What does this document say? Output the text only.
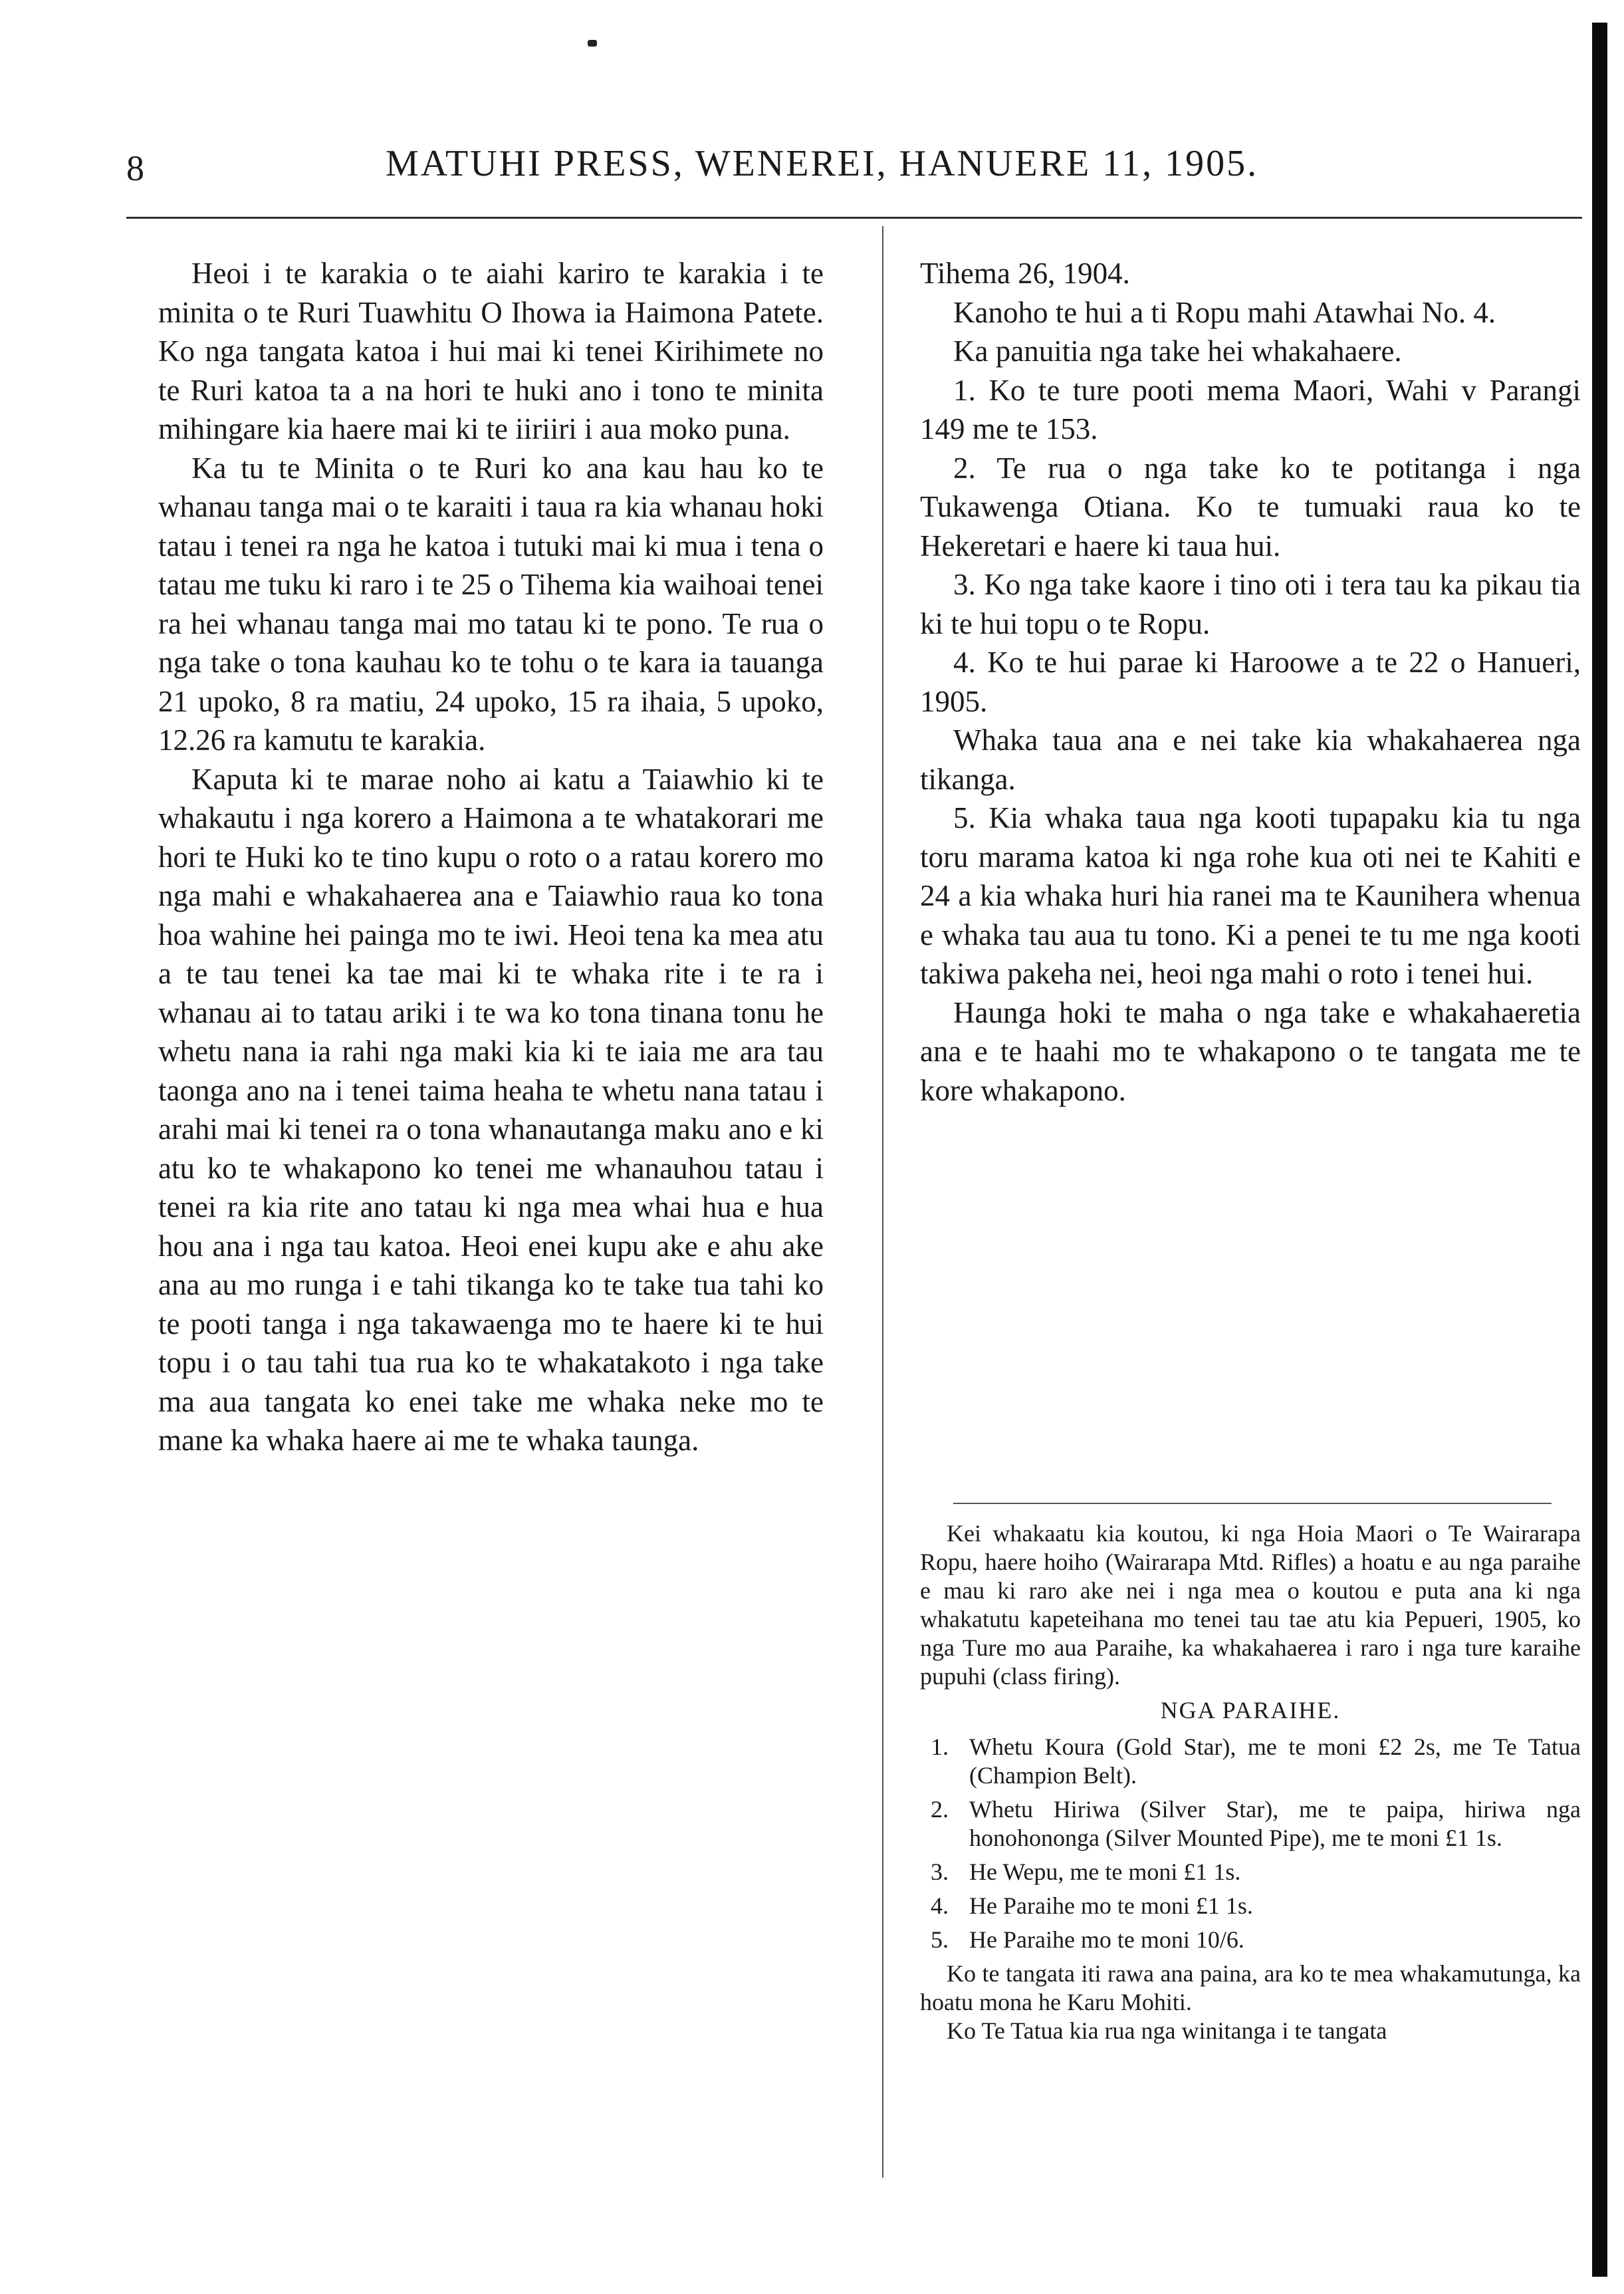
8	MATUHI PRESS, WENEREI, HANUERE 11, 1905.

Heoi i te karakia o te aiahi kariro te karakia i te minita o te Ruri Tuawhitu O Ihowa ia Haimona Patete. Ko nga tangata katoa i hui mai ki tenei Kirihimete no te Ruri katoa ta a na hori te huki ano i tono te minita mihingare kia haere mai ki te iiriiri i aua moko puna.

Ka tu te Minita o te Ruri ko ana kau hau ko te whanau tanga mai o te karaiti i taua ra kia whanau hoki tatau i tenei ra nga he katoa i tutuki mai ki mua i tena o tatau me tuku ki raro i te 25 o Tihema kia waihoai tenei ra hei whanau tanga mai mo tatau ki te pono. Te rua o nga take o tona kauhau ko te tohu o te kara ia tauanga 21 upoko, 8 ra matiu, 24 upoko, 15 ra ihaia, 5 upoko, 12.26 ra kamutu te karakia.

Kaputa ki te marae noho ai katu a Taiawhio ki te whakautu i nga korero a Haimona a te whatakorari me hori te Huki ko te tino kupu o roto o a ratau korero mo nga mahi e whakahaerea ana e Taiawhio raua ko tona hoa wahine hei painga mo te iwi. Heoi tena ka mea atu a te tau tenei ka tae mai ki te whaka rite i te ra i whanau ai to tatau ariki i te wa ko tona tinana tonu he whetu nana ia rahi nga maki kia ki te iaia me ara tau taonga ano na i tenei taima heaha te whetu nana tatau i arahi mai ki tenei ra o tona whanautanga maku ano e ki atu ko te whakapono ko tenei me whanauhou tatau i tenei ra kia rite ano tatau ki nga mea whai hua e hua hou ana i nga tau katoa. Heoi enei kupu ake e ahu ake ana au mo runga i e tahi tikanga ko te take tua tahi ko te pooti tanga i nga takawaenga mo te haere ki te hui topu i o tau tahi tua rua ko te whakatakoto i nga take ma aua tangata ko enei take me whaka neke mo te mane ka whaka haere ai me te whaka taunga.

Tihema 26, 1904.

Kanoho te hui a ti Ropu mahi Atawhai No. 4.

Ka panuitia nga take hei whakahaere.

1. Ko te ture pooti mema Maori, Wahi v Parangi 149 me te 153.

2. Te rua o nga take ko te potitanga i nga Tukawenga Otiana. Ko te tumuaki raua ko te Hekeretari e haere ki taua hui.

3. Ko nga take kaore i tino oti i tera tau ka pikau tia ki te hui topu o te Ropu.

4. Ko te hui parae ki Haroowe a te 22 o Hanueri, 1905.

Whaka taua ana e nei take kia whakahaerea nga tikanga.

5. Kia whaka taua nga kooti tupapaku kia tu nga toru marama katoa ki nga rohe kua oti nei te Kahiti e 24 a kia whaka huri hia ranei ma te Kaunihera whenua e whaka tau aua tu tono. Ki a penei te tu me nga kooti takiwa pakeha nei, heoi nga mahi o roto i tenei hui.

Haunga hoki te maha o nga take e whakahaeretia ana e te haahi mo te whakapono o te tangata me te kore whakapono.

Kei whakaatu kia koutou, ki nga Hoia Maori o Te Wairarapa Ropu, haere hoiho (Wairarapa Mtd. Rifles) a hoatu e au nga paraihe e mau ki raro ake nei i nga mea o koutou e puta ana ki nga whakatutu kapeteihana mo tenei tau tae atu kia Pepueri, 1905, ko nga Ture mo aua Paraihe, ka whakahaerea i raro i nga ture karaihe pupuhi (class firing).

NGA PARAIHE.

1. Whetu Koura (Gold Star), me te moni £2 2s, me Te Tatua (Champion Belt).
2. Whetu Hiriwa (Silver Star), me te paipa, hiriwa nga honohononga (Silver Mounted Pipe), me te moni £1 1s.
3. He Wepu, me te moni £1 1s.
4. He Paraihe mo te moni £1 1s.
5. He Paraihe mo te moni 10/6.

Ko te tangata iti rawa ana paina, ara ko te mea whakamutunga, ka hoatu mona he Karu Mohiti.

Ko Te Tatua kia rua nga winitanga i te tangata
